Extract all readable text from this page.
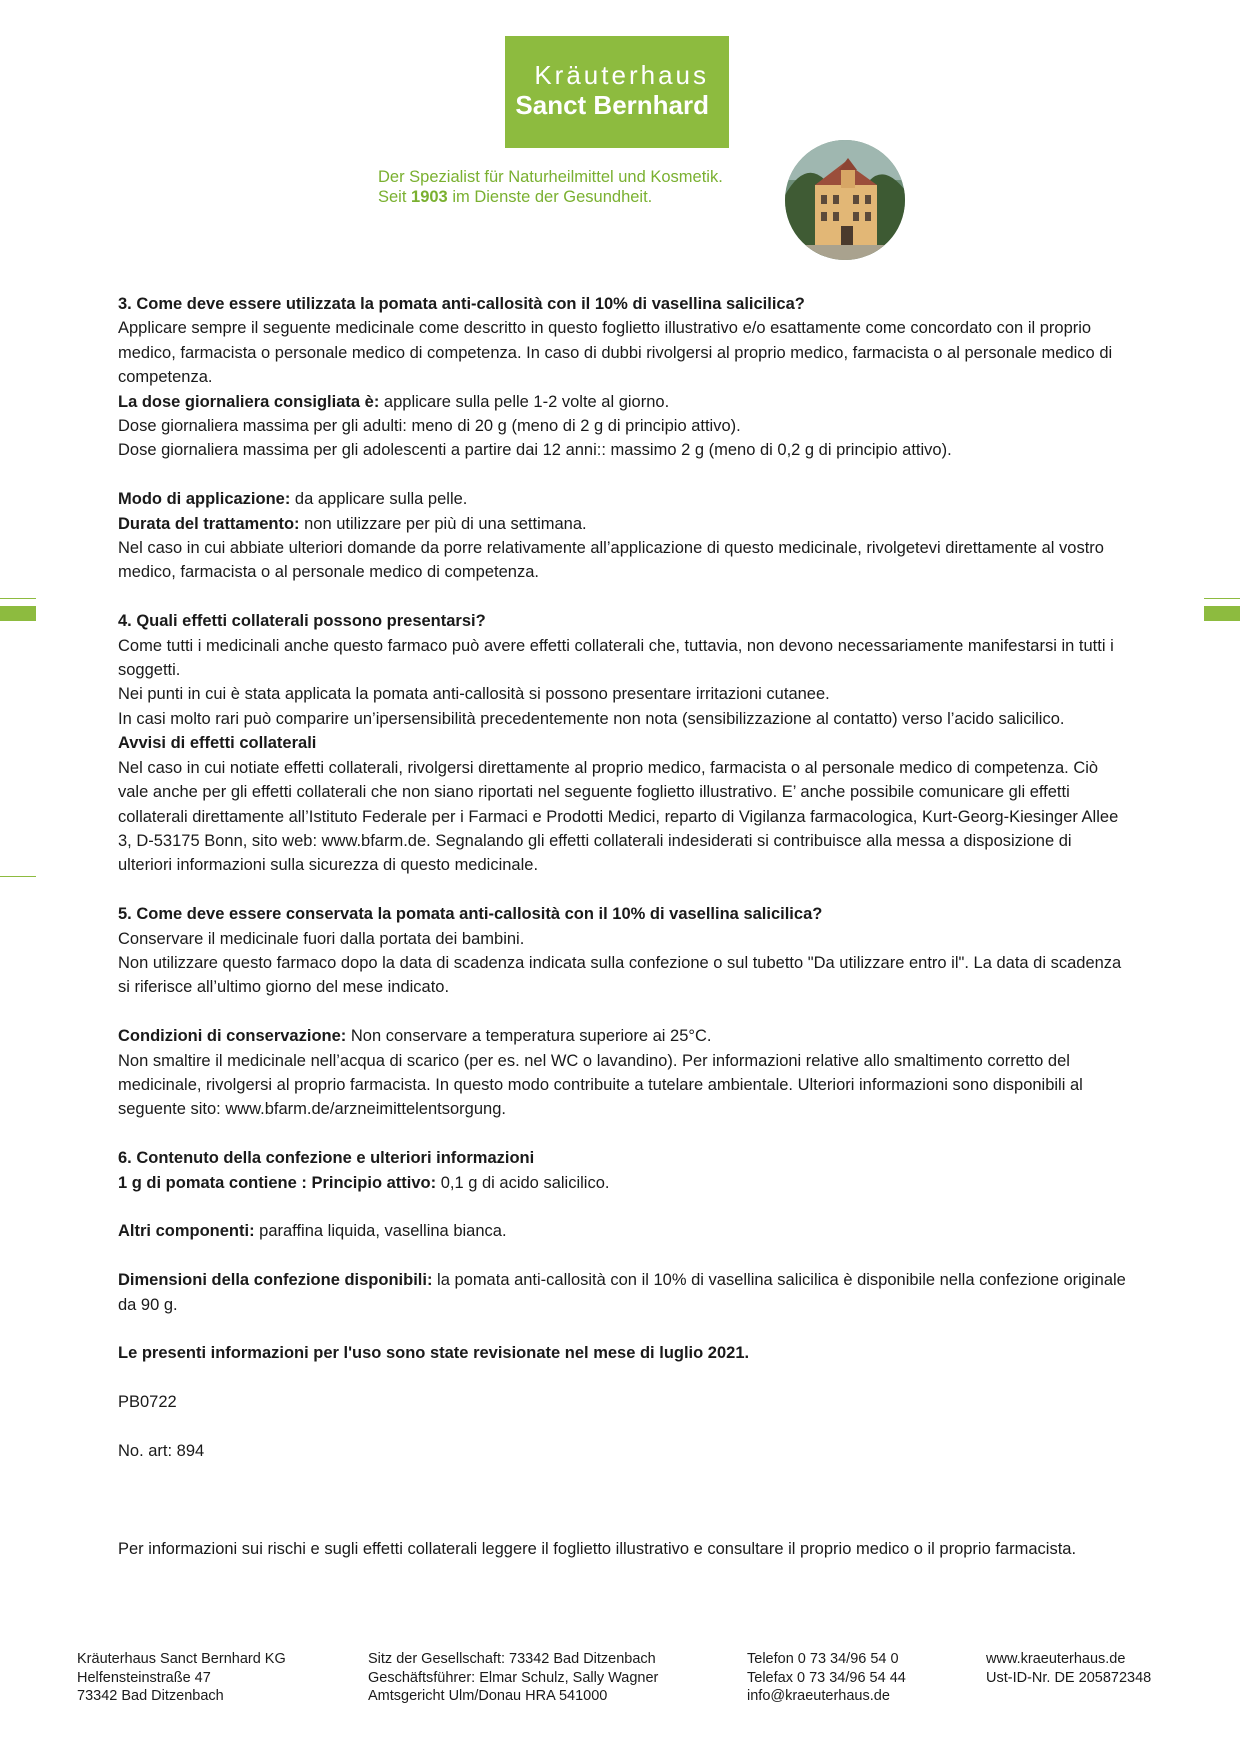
Kräuterhaus
Sanct Bernhard
Der Spezialist für Naturheilmittel und Kosmetik.
Seit 1903 im Dienste der Gesundheit.

3. Come deve essere utilizzata la pomata anti-callosità con il 10% di vasellina salicilica?

Applicare sempre il seguente medicinale come descritto in questo foglietto illustrativo e/o esattamente come concordato con il proprio medico, farmacista o personale medico di competenza. In caso di dubbi rivolgersi al proprio medico, farmacista o al personale medico di competenza.

La dose giornaliera consigliata è: applicare sulla pelle 1-2 volte al giorno.

Dose giornaliera massima per gli adulti: meno di 20 g (meno di 2 g di principio attivo).

Dose giornaliera massima per gli adolescenti a partire dai 12 anni:: massimo 2 g (meno di 0,2 g di principio attivo).

Modo di applicazione: da applicare sulla pelle.

Durata del trattamento: non utilizzare per più di una settimana.

Nel caso in cui abbiate ulteriori domande da porre relativamente all’applicazione di questo medicinale, rivolgetevi direttamente al vostro medico, farmacista o al personale medico di competenza.

4. Quali effetti collaterali possono presentarsi?

Come tutti i medicinali anche questo farmaco può avere effetti collaterali che, tuttavia, non devono necessariamente manifestarsi in tutti i soggetti.

Nei punti in cui è stata applicata la pomata anti-callosità si possono presentare irritazioni cutanee.

In casi molto rari può comparire un’ipersensibilità precedentemente non nota (sensibilizzazione al contatto) verso l’acido salicilico.

Avvisi di effetti collaterali

Nel caso in cui notiate effetti collaterali, rivolgersi direttamente al proprio medico, farmacista o al personale medico di competenza. Ciò vale anche per gli effetti collaterali che non siano riportati nel seguente foglietto illustrativo. E’ anche possibile comunicare gli effetti collaterali direttamente all’Istituto Federale per i Farmaci e Prodotti Medici, reparto di Vigilanza farmacologica, Kurt-Georg-Kiesinger Allee 3, D-53175 Bonn, sito web: www.bfarm.de. Segnalando gli effetti collaterali indesiderati si contribuisce alla messa a disposizione di ulteriori informazioni sulla sicurezza di questo medicinale.

5. Come deve essere conservata la pomata anti-callosità con il 10% di vasellina salicilica?

Conservare il medicinale fuori dalla portata dei bambini.

Non utilizzare questo farmaco dopo la data di scadenza indicata sulla confezione o sul tubetto "Da utilizzare entro il". La data di scadenza si riferisce all’ultimo giorno del mese indicato.

Condizioni di conservazione: Non conservare a temperatura superiore ai 25°C.

Non smaltire il medicinale nell’acqua di scarico (per es. nel WC o lavandino). Per informazioni relative allo smaltimento corretto del medicinale, rivolgersi al proprio farmacista. In questo modo contribuite a tutelare ambientale. Ulteriori informazioni sono disponibili al seguente sito: www.bfarm.de/arzneimittelentsorgung.

6. Contenuto della confezione e ulteriori informazioni

1 g di pomata contiene : Principio attivo: 0,1 g di acido salicilico.

Altri componenti: paraffina liquida, vasellina bianca.

Dimensioni della confezione disponibili: la pomata anti-callosità con il 10% di vasellina salicilica è disponibile nella confezione originale da 90 g.

Le presenti informazioni per l'uso sono state revisionate nel mese di luglio 2021.

PB0722

No. art: 894

Per informazioni sui rischi e sugli effetti collaterali leggere il foglietto illustrativo e consultare il proprio medico o il proprio farmacista.

Kräuterhaus Sanct Bernhard KG
Helfensteinstraße 47
73342 Bad Ditzenbach
Sitz der Gesellschaft: 73342 Bad Ditzenbach
Geschäftsführer: Elmar Schulz, Sally Wagner
Amtsgericht Ulm/Donau HRA 541000
Telefon 0 73 34/96 54 0
Telefax 0 73 34/96 54 44
info@kraeuterhaus.de
www.kraeuterhaus.de
Ust-ID-Nr. DE 205872348
